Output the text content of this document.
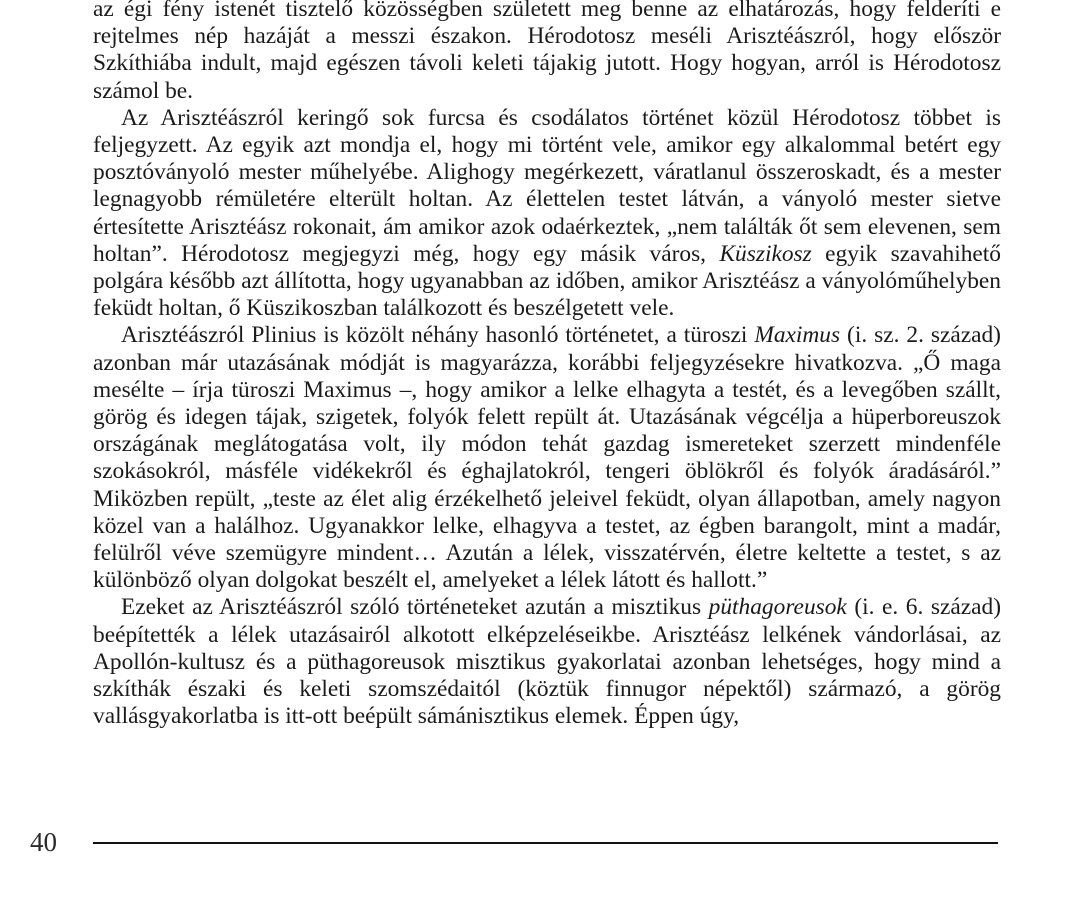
az égi fény istenét tisztelő közösségben született meg benne az elhatározás, hogy felderíti e rejtelmes nép hazáját a messzi északon. Hérodotosz meséli Arisztéászról, hogy először Szkíthiába indult, majd egészen távoli keleti tájakig jutott. Hogy hogyan, arról is Hérodotosz számol be.

Az Arisztéászról keringő sok furcsa és csodálatos történet közül Hérodotosz többet is feljegyzett. Az egyik azt mondja el, hogy mi történt vele, amikor egy alkalommal betért egy posztóványoló mester műhelyébe. Alighogy megérkezett, váratlanul összeroskadt, és a mester legnagyobb rémületére elterült holtan. Az élettelen testet látván, a ványoló mester sietve értesítette Arisztéász rokonait, ám amikor azok odaérkeztek, „nem találták őt sem elevenen, sem holtan”. Hérodotosz megjegyzi még, hogy egy másik város, Küszikosz egyik szavahihető polgára később azt állította, hogy ugyanabban az időben, amikor Arisztéász a ványolóműhelyben feküdt holtan, ő Küszikoszban találkozott és beszélgetett vele.

Arisztéászról Plinius is közölt néhány hasonló történetet, a türoszi Maximus (i. sz. 2. század) azonban már utazásának módját is magyarázza, korábbi feljegyzésekre hivatkozva. „Ő maga mesélte – írja türoszi Maximus –, hogy amikor a lelke elhagyta a testét, és a levegőben szállt, görög és idegen tájak, szigetek, folyók felett repült át. Utazásának végcélja a hüperboreuszok országának meglátogatása volt, ily módon tehát gazdag ismereteket szerzett mindenféle szokásokról, másféle vidékekről és éghajlatokról, tengeri öblökről és folyók áradásáról.” Miközben repült, „teste az élet alig érzékelhető jeleivel feküdt, olyan állapotban, amely nagyon közel van a halálhoz. Ugyanakkor lelke, elhagyva a testet, az égben barangolt, mint a madár, felülről véve szemügyre mindent… Azután a lélek, visszatérvén, életre keltette a testet, s az különböző olyan dolgokat beszélt el, amelyeket a lélek látott és hallott.”

Ezeket az Arisztéászról szóló történeteket azután a misztikus püthagoreusok (i. e. 6. század) beépítették a lélek utazásairól alkotott elképzeléseikbe. Arisztéász lelkének vándorlásai, az Apollón-kultusz és a püthagoreusok misztikus gyakorlatai azonban lehetséges, hogy mind a szkíthák északi és keleti szomszédaitól (köztük finnugor népektől) származó, a görög vallásgyakorlatba is itt-ott beépült sámánisztikus elemek. Éppen úgy,

40
